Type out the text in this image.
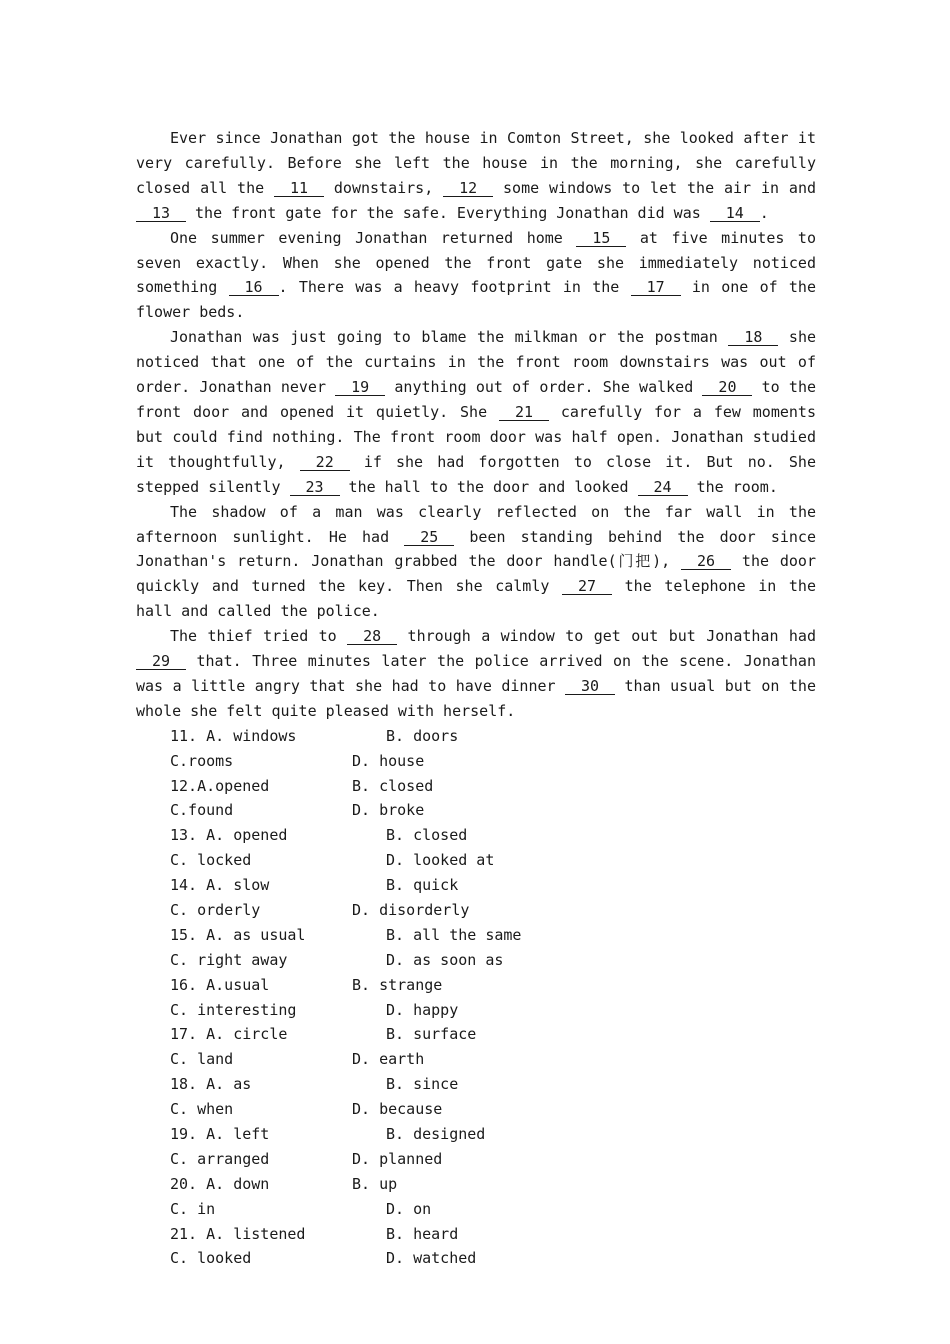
Ever since Jonathan got the house in Comton Street, she looked after it very carefully. Before she left the house in the morning, she carefully closed all the 11 downstairs, 12 some windows to let the air in and 13 the front gate for the safe. Everything Jonathan did was 14 .

One summer evening Jonathan returned home 15 at five minutes to seven exactly. When she opened the front gate she immediately noticed something 16 . There was a heavy footprint in the 17 in one of the flower beds.

Jonathan was just going to blame the milkman or the postman 18 she noticed that one of the curtains in the front room downstairs was out of order. Jonathan never 19 anything out of order. She walked 20 to the front door and opened it quietly. She 21 carefully for a few moments but could find nothing. The front room door was half open. Jonathan studied it thoughtfully, 22 if she had forgotten to close it. But no. She stepped silently 23 the hall to the door and looked 24 the room.

The shadow of a man was clearly reflected on the far wall in the afternoon sunlight. He had 25 been standing behind the door since Jonathan's return. Jonathan grabbed the door handle(门把), 26 the door quickly and turned the key. Then she calmly 27 the telephone in the hall and called the police.

The thief tried to 28 through a window to get out but Jonathan had 29 that. Three minutes later the police arrived on the scene. Jonathan was a little angry that she had to have dinner 30 than usual but on the whole she felt quite pleased with herself.

11. A. windows	B. doors
C.rooms	D. house
12.A.opened	B. closed
C.found	D. broke
13. A. opened	B. closed
C. locked	D. looked at
14. A. slow	B. quick
C. orderly	D. disorderly
15. A. as usual	B. all the same
C. right away	D. as soon as
16. A.usual	B. strange
C. interesting	D. happy
17. A. circle	B. surface
C. land	D. earth
18. A. as	B. since
C. when	D. because
19. A. left	B. designed
C. arranged	D. planned
20. A. down	B. up
C. in	D. on
21. A. listened	B. heard
C. looked	D. watched
